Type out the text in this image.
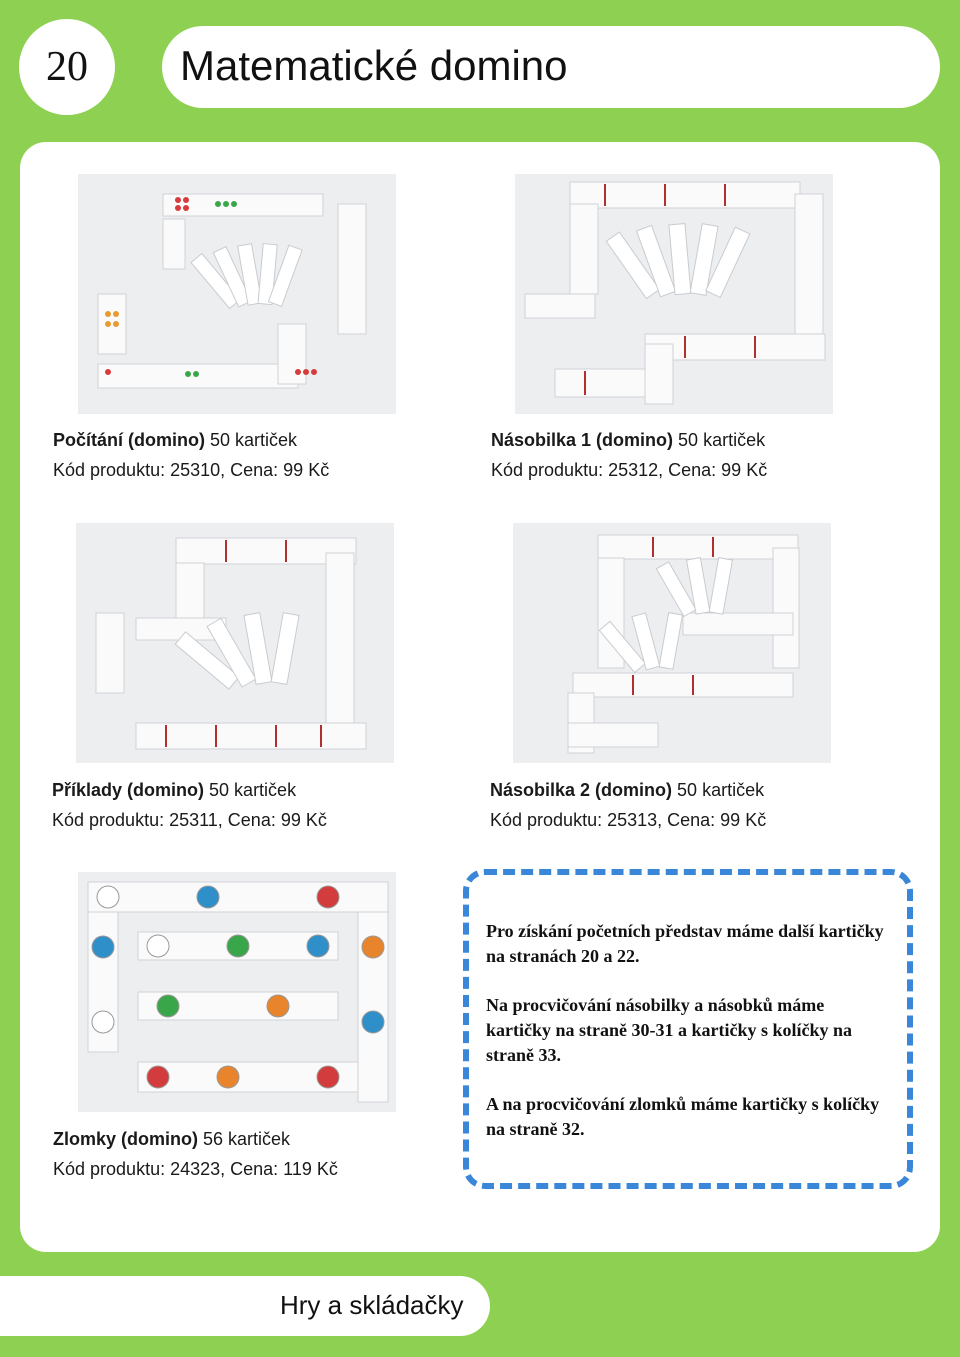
20	Matematické domino
Počítání (domino) 50 kartiček
Kód produktu: 25310, Cena: 99 Kč
Násobilka 1 (domino) 50 kartiček
Kód produktu: 25312, Cena: 99 Kč
Příklady (domino) 50 kartiček
Kód produktu: 25311, Cena: 99 Kč
Násobilka 2 (domino) 50 kartiček
Kód produktu: 25313, Cena: 99 Kč
Zlomky (domino) 56 kartiček
Kód produktu: 24323, Cena: 119 Kč

Pro získání početních představ máme další kartičky na stranách 20 a 22.

Na procvičování násobilky a násobků máme kartičky na straně 30-31 a kartičky s kolíčky na straně 33.

A na procvičování zlomků máme kartičky s kolíčky na straně 32.

Hry a skládačky
